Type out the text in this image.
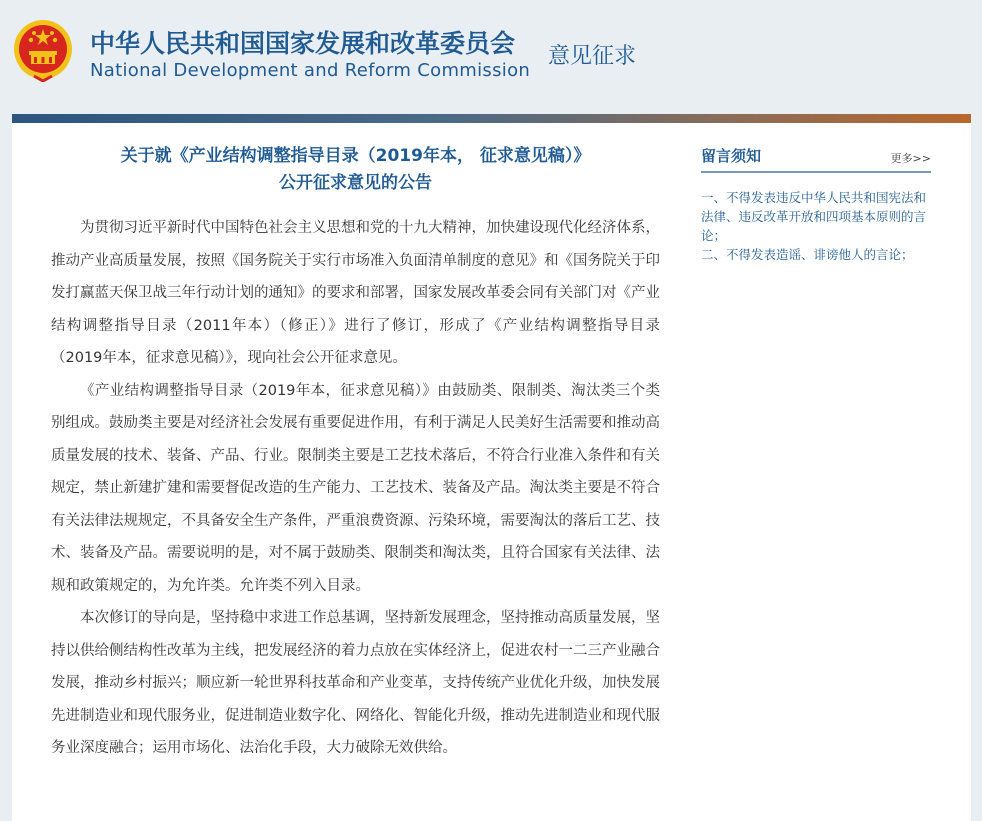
中华人民共和国国家发展和改革委员会
National Development and Reform Commission
意见征求
关于就《产业结构调整指导目录（2019年本， 征求意见稿）》
公开征求意见的公告

为贯彻习近平新时代中国特色社会主义思想和党的十九大精神，加快建设现代化经济体系，推动产业高质量发展，按照《国务院关于实行市场准入负面清单制度的意见》和《国务院关于印发打赢蓝天保卫战三年行动计划的通知》的要求和部署，国家发展改革委会同有关部门对《产业结构调整指导目录（2011年本）（修正）》进行了修订，形成了《产业结构调整指导目录（2019年本，征求意见稿）》，现向社会公开征求意见。

《产业结构调整指导目录（2019年本，征求意见稿）》由鼓励类、限制类、淘汰类三个类别组成。鼓励类主要是对经济社会发展有重要促进作用，有利于满足人民美好生活需要和推动高质量发展的技术、装备、产品、行业。限制类主要是工艺技术落后，不符合行业准入条件和有关规定，禁止新建扩建和需要督促改造的生产能力、工艺技术、装备及产品。淘汰类主要是不符合有关法律法规规定，不具备安全生产条件，严重浪费资源、污染环境，需要淘汰的落后工艺、技术、装备及产品。需要说明的是，对不属于鼓励类、限制类和淘汰类，且符合国家有关法律、法规和政策规定的，为允许类。允许类不列入目录。

本次修订的导向是，坚持稳中求进工作总基调，坚持新发展理念，坚持推动高质量发展，坚持以供给侧结构性改革为主线，把发展经济的着力点放在实体经济上，促进农村一二三产业融合发展，推动乡村振兴；顺应新一轮世界科技革命和产业变革，支持传统产业优化升级，加快发展先进制造业和现代服务业，促进制造业数字化、网络化、智能化升级，推动先进制造业和现代服务业深度融合；运用市场化、法治化手段，大力破除无效供给。

留言须知	更多>>
一、不得发表违反中华人民共和国宪法和法律、违反改革开放和四项基本原则的言论；
二、不得发表造谣、诽谤他人的言论；
